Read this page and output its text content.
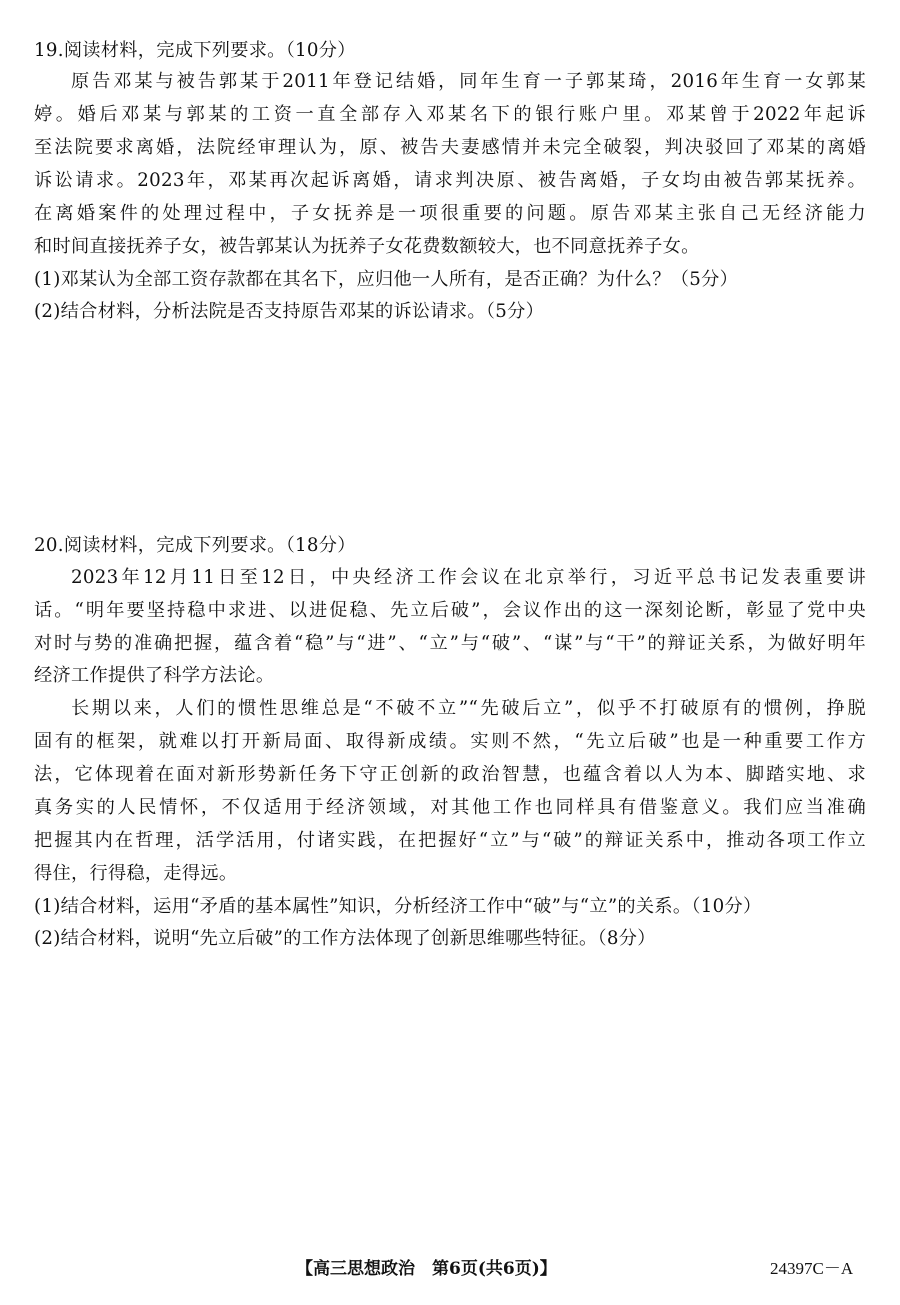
19.阅读材料，完成下列要求。（10分）
原告邓某与被告郭某于2011年登记结婚，同年生育一子郭某琦，2016年生育一女郭某
婷。婚后邓某与郭某的工资一直全部存入邓某名下的银行账户里。邓某曾于2022年起诉
至法院要求离婚，法院经审理认为，原、被告夫妻感情并未完全破裂，判决驳回了邓某的离婚
诉讼请求。2023年，邓某再次起诉离婚，请求判决原、被告离婚，子女均由被告郭某抚养。
在离婚案件的处理过程中，子女抚养是一项很重要的问题。原告邓某主张自己无经济能力
和时间直接抚养子女，被告郭某认为抚养子女花费数额较大，也不同意抚养子女。
(1)邓某认为全部工资存款都在其名下，应归他一人所有，是否正确？为什么？（5分）
(2)结合材料，分析法院是否支持原告邓某的诉讼请求。（5分）
20.阅读材料，完成下列要求。（18分）
2023年12月11日至12日，中央经济工作会议在北京举行，习近平总书记发表重要讲
话。“明年要坚持稳中求进、以进促稳、先立后破”，会议作出的这一深刻论断，彰显了党中央
对时与势的准确把握，蕴含着“稳”与“进”、“立”与“破”、“谋”与“干”的辩证关系，为做好明年
经济工作提供了科学方法论。
长期以来，人们的惯性思维总是“不破不立”“先破后立”，似乎不打破原有的惯例，挣脱
固有的框架，就难以打开新局面、取得新成绩。实则不然，“先立后破”也是一种重要工作方
法，它体现着在面对新形势新任务下守正创新的政治智慧，也蕴含着以人为本、脚踏实地、求
真务实的人民情怀，不仅适用于经济领域，对其他工作也同样具有借鉴意义。我们应当准确
把握其内在哲理，活学活用，付诸实践，在把握好“立”与“破”的辩证关系中，推动各项工作立
得住，行得稳，走得远。
(1)结合材料，运用“矛盾的基本属性”知识，分析经济工作中“破”与“立”的关系。（10分）
(2)结合材料，说明“先立后破”的工作方法体现了创新思维哪些特征。（8分）
【高三思想政治　第6页(共6页)】	24397C－A
